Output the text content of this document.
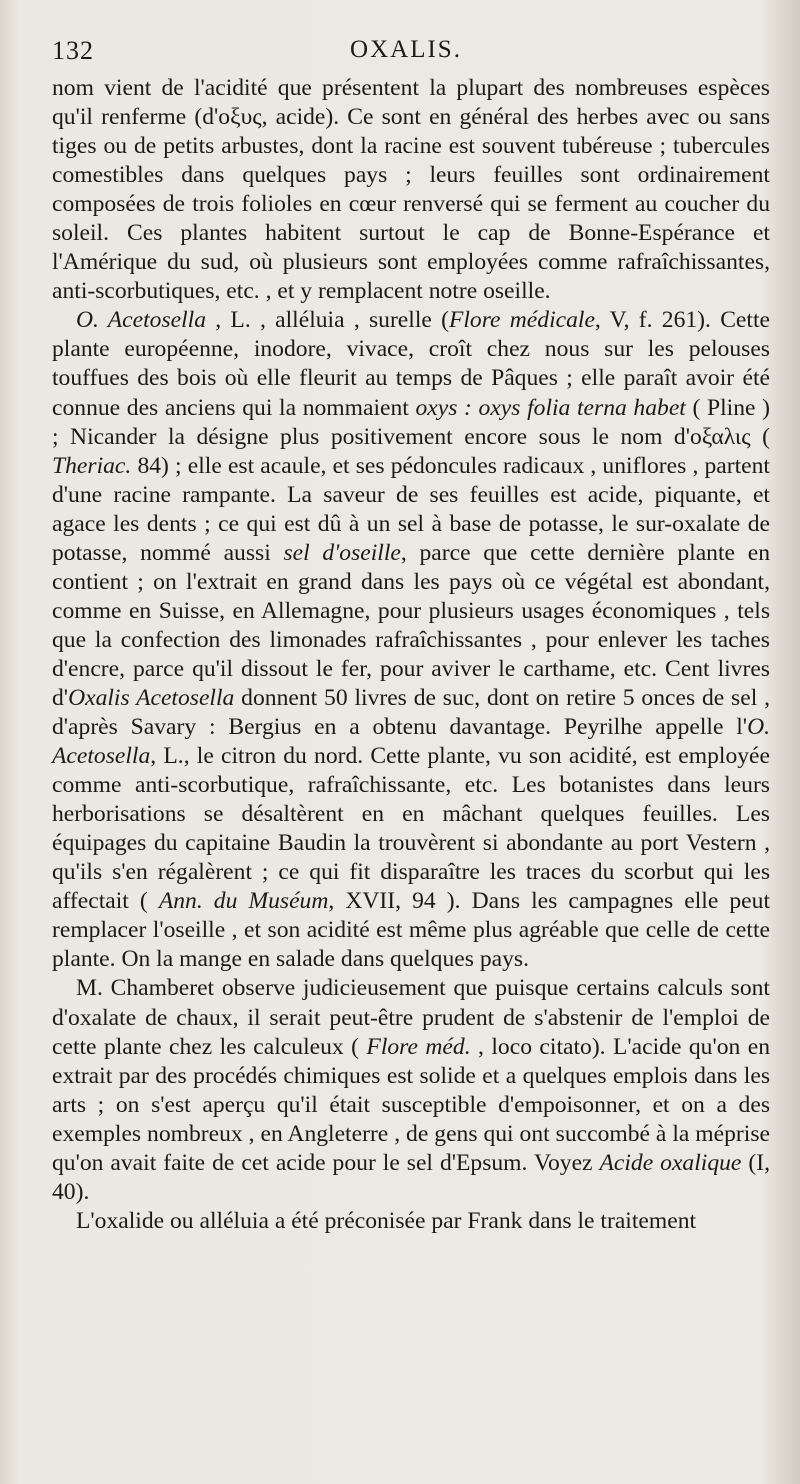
132	OXALIS.

nom vient de l'acidité que présentent la plupart des nombreuses espèces qu'il renferme (d'οξυς, acide). Ce sont en général des herbes avec ou sans tiges ou de petits arbustes, dont la racine est souvent tubéreuse ; tubercules comestibles dans quelques pays ; leurs feuilles sont ordinairement composées de trois folioles en cœur renversé qui se ferment au coucher du soleil. Ces plantes habitent surtout le cap de Bonne-Espérance et l'Amérique du sud, où plusieurs sont employées comme rafraîchissantes, anti-scorbutiques, etc. , et y remplacent notre oseille.

O. Acetosella , L. , alléluia , surelle (Flore médicale, V, f. 261). Cette plante européenne, inodore, vivace, croît chez nous sur les pelouses touffues des bois où elle fleurit au temps de Pâques ; elle paraît avoir été connue des anciens qui la nommaient oxys : oxys folia terna habet ( Pline ) ; Nicander la désigne plus positivement encore sous le nom d'οξαλις ( Theriac. 84) ; elle est acaule, et ses pédoncules radicaux , uniflores , partent d'une racine rampante. La saveur de ses feuilles est acide, piquante, et agace les dents ; ce qui est dû à un sel à base de potasse, le sur-oxalate de potasse, nommé aussi sel d'oseille, parce que cette dernière plante en contient ; on l'extrait en grand dans les pays où ce végétal est abondant, comme en Suisse, en Allemagne, pour plusieurs usages économiques , tels que la confection des limonades rafraîchissantes , pour enlever les taches d'encre, parce qu'il dissout le fer, pour aviver le carthame, etc. Cent livres d'Oxalis Acetosella donnent 50 livres de suc, dont on retire 5 onces de sel , d'après Savary : Bergius en a obtenu davantage. Peyrilhe appelle l'O. Acetosella, L., le citron du nord. Cette plante, vu son acidité, est employée comme anti-scorbutique, rafraîchissante, etc. Les botanistes dans leurs herborisations se désaltèrent en en mâchant quelques feuilles. Les équipages du capitaine Baudin la trouvèrent si abondante au port Vestern , qu'ils s'en régalèrent ; ce qui fit disparaître les traces du scorbut qui les affectait ( Ann. du Muséum, XVII, 94 ). Dans les campagnes elle peut remplacer l'oseille , et son acidité est même plus agréable que celle de cette plante. On la mange en salade dans quelques pays.

M. Chamberet observe judicieusement que puisque certains calculs sont d'oxalate de chaux, il serait peut-être prudent de s'abstenir de l'emploi de cette plante chez les calculeux ( Flore méd. , loco citato). L'acide qu'on en extrait par des procédés chimiques est solide et a quelques emplois dans les arts ; on s'est aperçu qu'il était susceptible d'empoisonner, et on a des exemples nombreux , en Angleterre , de gens qui ont succombé à la méprise qu'on avait faite de cet acide pour le sel d'Epsum. Voyez Acide oxalique (I, 40).

L'oxalide ou alléluia a été préconisée par Frank dans le traitement
